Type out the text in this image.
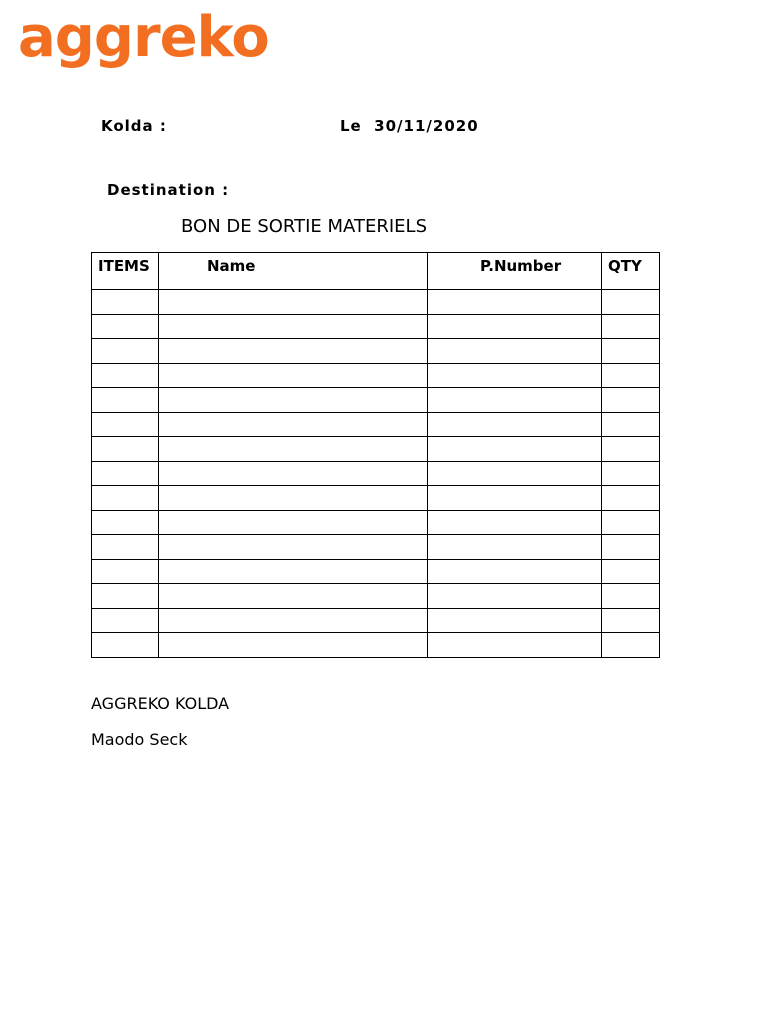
aggreko
Kolda :	Le  30/11/2020
Destination :
BON DE SORTIE MATERIELS
ITEMS	Name	P.Number	QTY

AGGREKO KOLDA
Maodo Seck
